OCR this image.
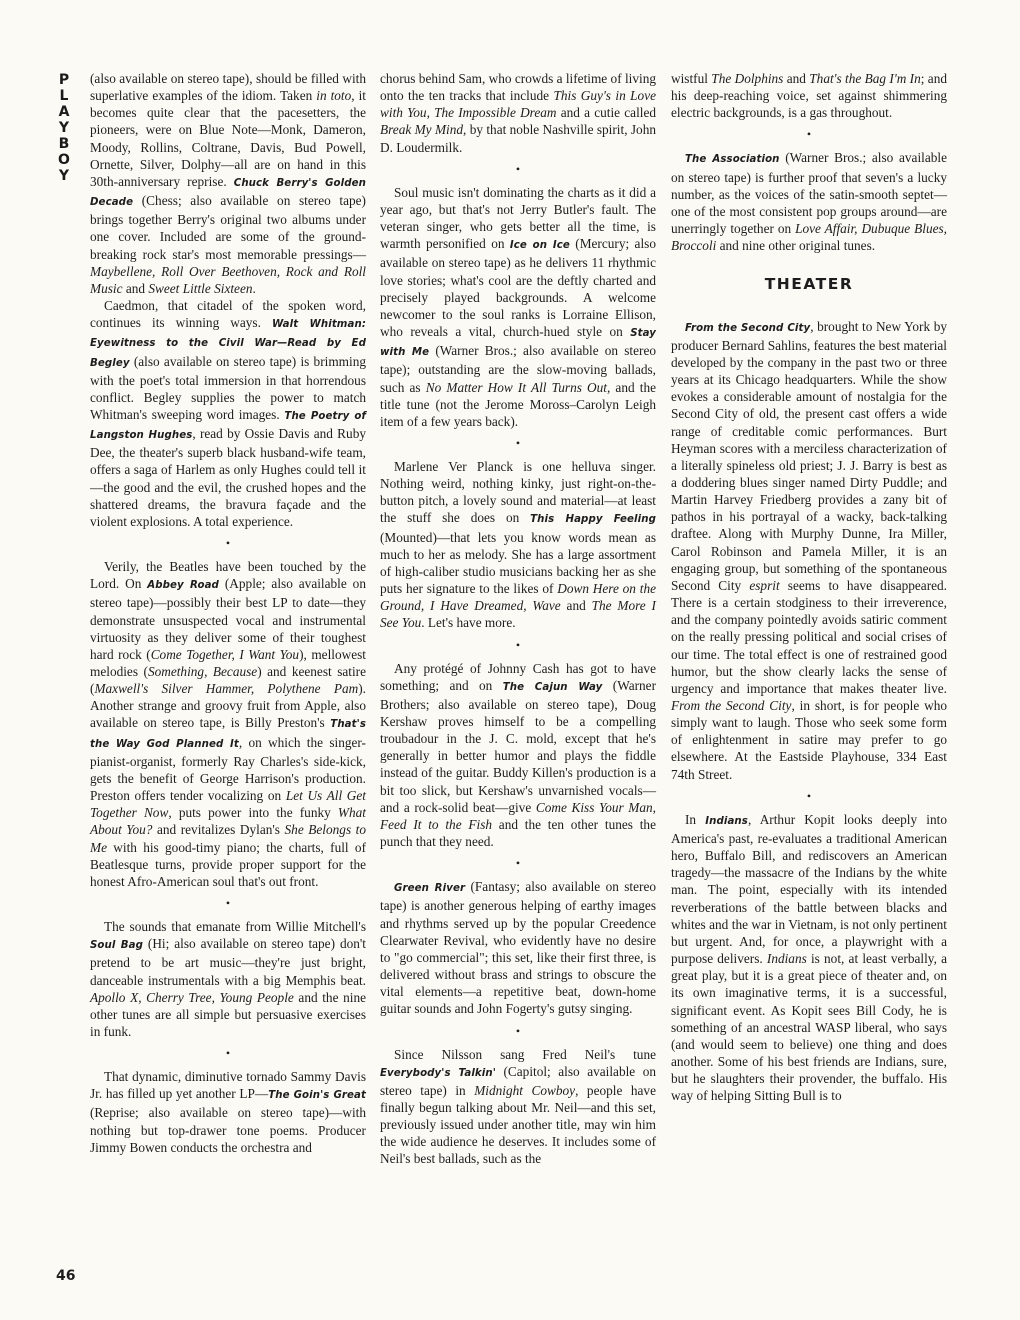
P
L
A
Y
B
O
Y
46

(also available on stereo tape), should be filled with superlative examples of the idiom. Taken in toto, it becomes quite clear that the pacesetters, the pioneers, were on Blue Note—Monk, Dameron, Moody, Rollins, Coltrane, Davis, Bud Powell, Ornette, Silver, Dolphy—all are on hand in this 30th-anniversary reprise. Chuck Berry's Golden Decade (Chess; also available on stereo tape) brings together Berry's original two albums under one cover. Included are some of the ground-breaking rock star's most memorable pressings—Maybellene, Roll Over Beethoven, Rock and Roll Music and Sweet Little Sixteen.

Caedmon, that citadel of the spoken word, continues its winning ways. Walt Whitman: Eyewitness to the Civil War—Read by Ed Begley (also available on stereo tape) is brimming with the poet's total immersion in that horrendous conflict. Begley supplies the power to match Whitman's sweeping word images. The Poetry of Langston Hughes, read by Ossie Davis and Ruby Dee, the theater's superb black husband-wife team, offers a saga of Harlem as only Hughes could tell it—the good and the evil, the crushed hopes and the shattered dreams, the bravura façade and the violent explosions. A total experience.

•

Verily, the Beatles have been touched by the Lord. On Abbey Road (Apple; also available on stereo tape)—possibly their best LP to date—they demonstrate unsuspected vocal and instrumental virtuosity as they deliver some of their toughest hard rock (Come Together, I Want You), mellowest melodies (Something, Because) and keenest satire (Maxwell's Silver Hammer, Polythene Pam). Another strange and groovy fruit from Apple, also available on stereo tape, is Billy Preston's That's the Way God Planned It, on which the singer-pianist-organist, formerly Ray Charles's side-kick, gets the benefit of George Harrison's production. Preston offers tender vocalizing on Let Us All Get Together Now, puts power into the funky What About You? and revitalizes Dylan's She Belongs to Me with his good-timy piano; the charts, full of Beatlesque turns, provide proper support for the honest Afro-American soul that's out front.

•

The sounds that emanate from Willie Mitchell's Soul Bag (Hi; also available on stereo tape) don't pretend to be art music—they're just bright, danceable instrumentals with a big Memphis beat. Apollo X, Cherry Tree, Young People and the nine other tunes are all simple but persuasive exercises in funk.

•

That dynamic, diminutive tornado Sammy Davis Jr. has filled up yet another LP—The Goin's Great (Reprise; also available on stereo tape)—with nothing but top-drawer tone poems. Producer Jimmy Bowen conducts the orchestra and

chorus behind Sam, who crowds a lifetime of living onto the ten tracks that include This Guy's in Love with You, The Impossible Dream and a cutie called Break My Mind, by that noble Nashville spirit, John D. Loudermilk.

•

Soul music isn't dominating the charts as it did a year ago, but that's not Jerry Butler's fault. The veteran singer, who gets better all the time, is warmth personified on Ice on Ice (Mercury; also available on stereo tape) as he delivers 11 rhythmic love stories; what's cool are the deftly charted and precisely played backgrounds. A welcome newcomer to the soul ranks is Lorraine Ellison, who reveals a vital, church-hued style on Stay with Me (Warner Bros.; also available on stereo tape); outstanding are the slow-moving ballads, such as No Matter How It All Turns Out, and the title tune (not the Jerome Moross–Carolyn Leigh item of a few years back).

•

Marlene Ver Planck is one helluva singer. Nothing weird, nothing kinky, just right-on-the-button pitch, a lovely sound and material—at least the stuff she does on This Happy Feeling (Mounted)—that lets you know words mean as much to her as melody. She has a large assortment of high-caliber studio musicians backing her as she puts her signature to the likes of Down Here on the Ground, I Have Dreamed, Wave and The More I See You. Let's have more.

•

Any protégé of Johnny Cash has got to have something; and on The Cajun Way (Warner Brothers; also available on stereo tape), Doug Kershaw proves himself to be a compelling troubadour in the J. C. mold, except that he's generally in better humor and plays the fiddle instead of the guitar. Buddy Killen's production is a bit too slick, but Kershaw's unvarnished vocals—and a rock-solid beat—give Come Kiss Your Man, Feed It to the Fish and the ten other tunes the punch that they need.

•

Green River (Fantasy; also available on stereo tape) is another generous helping of earthy images and rhythms served up by the popular Creedence Clearwater Revival, who evidently have no desire to "go commercial"; this set, like their first three, is delivered without brass and strings to obscure the vital elements—a repetitive beat, down-home guitar sounds and John Fogerty's gutsy singing.

•

Since Nilsson sang Fred Neil's tune Everybody's Talkin' (Capitol; also available on stereo tape) in Midnight Cowboy, people have finally begun talking about Mr. Neil—and this set, previously issued under another title, may win him the wide audience he deserves. It includes some of Neil's best ballads, such as the

wistful The Dolphins and That's the Bag I'm In; and his deep-reaching voice, set against shimmering electric backgrounds, is a gas throughout.

•

The Association (Warner Bros.; also available on stereo tape) is further proof that seven's a lucky number, as the voices of the satin-smooth septet—one of the most consistent pop groups around—are unerringly together on Love Affair, Dubuque Blues, Broccoli and nine other original tunes.

THEATER

From the Second City, brought to New York by producer Bernard Sahlins, features the best material developed by the company in the past two or three years at its Chicago headquarters. While the show evokes a considerable amount of nostalgia for the Second City of old, the present cast offers a wide range of creditable comic performances. Burt Heyman scores with a merciless characterization of a literally spineless old priest; J. J. Barry is best as a doddering blues singer named Dirty Puddle; and Martin Harvey Friedberg provides a zany bit of pathos in his portrayal of a wacky, back-talking draftee. Along with Murphy Dunne, Ira Miller, Carol Robinson and Pamela Miller, it is an engaging group, but something of the spontaneous Second City esprit seems to have disappeared. There is a certain stodginess to their irreverence, and the company pointedly avoids satiric comment on the really pressing political and social crises of our time. The total effect is one of restrained good humor, but the show clearly lacks the sense of urgency and importance that makes theater live. From the Second City, in short, is for people who simply want to laugh. Those who seek some form of enlightenment in satire may prefer to go elsewhere. At the Eastside Playhouse, 334 East 74th Street.

•

In Indians, Arthur Kopit looks deeply into America's past, re-evaluates a traditional American hero, Buffalo Bill, and rediscovers an American tragedy—the massacre of the Indians by the white man. The point, especially with its intended reverberations of the battle between blacks and whites and the war in Vietnam, is not only pertinent but urgent. And, for once, a playwright with a purpose delivers. Indians is not, at least verbally, a great play, but it is a great piece of theater and, on its own imaginative terms, it is a successful, significant event. As Kopit sees Bill Cody, he is something of an ancestral WASP liberal, who says (and would seem to believe) one thing and does another. Some of his best friends are Indians, sure, but he slaughters their provender, the buffalo. His way of helping Sitting Bull is to
